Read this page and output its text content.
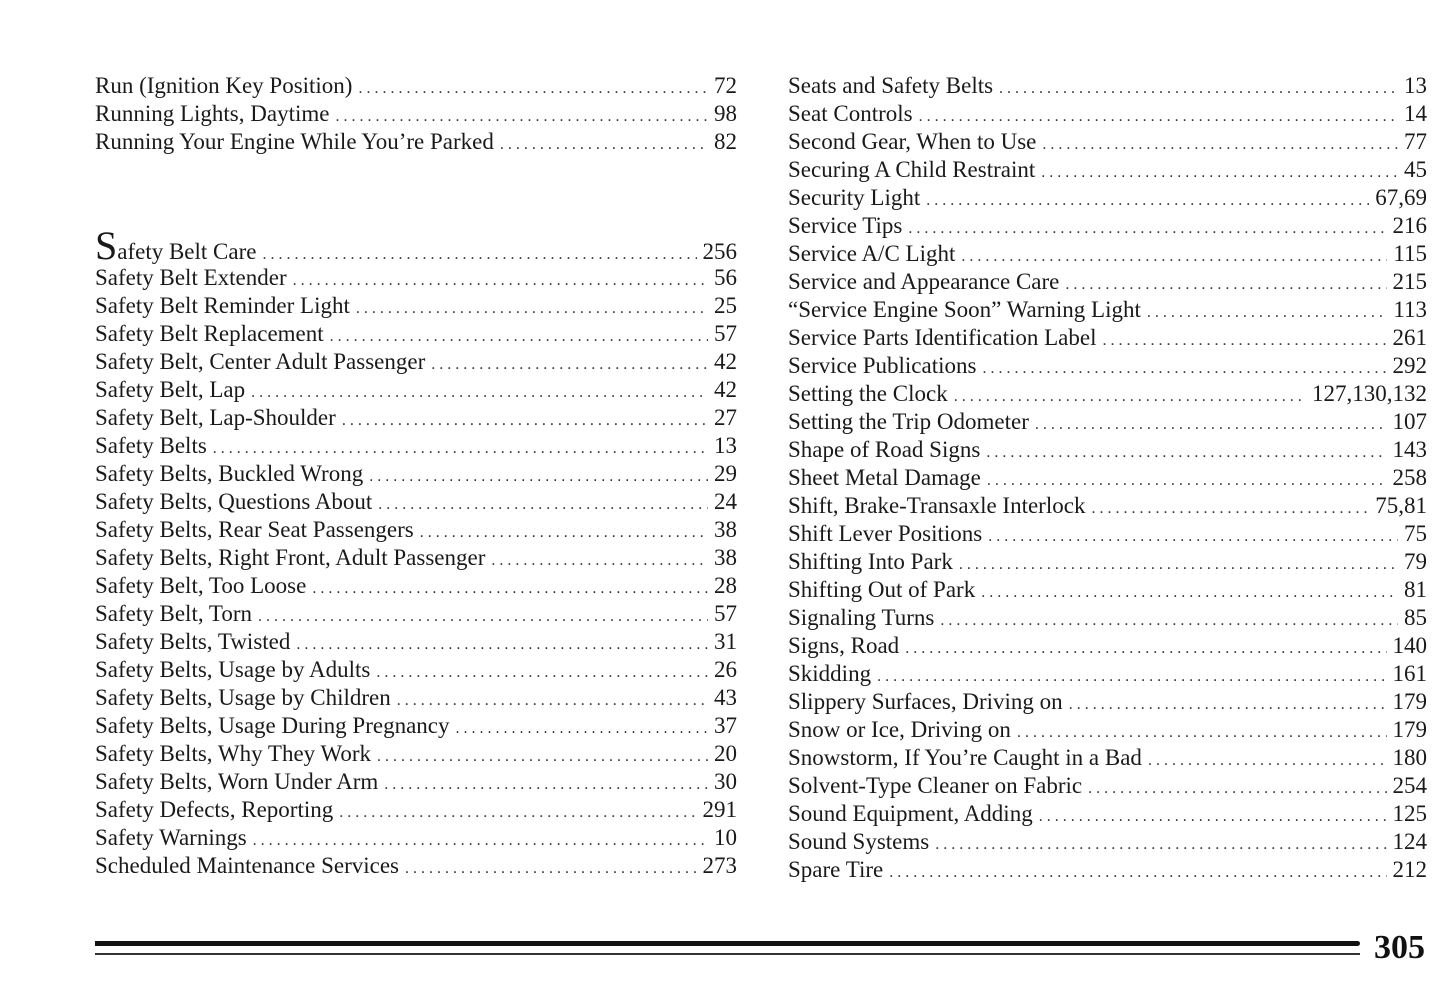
Run (Ignition Key Position) . . .	72
Running Lights, Daytime . . .	98
Running Your Engine While You’re Parked . . .	82
Safety Belt Care . . .	256
Safety Belt Extender . . .	56
Safety Belt Reminder Light . . .	25
Safety Belt Replacement . . .	57
Safety Belt, Center Adult Passenger . . .	42
Safety Belt, Lap . . .	42
Safety Belt, Lap-Shoulder . . .	27
Safety Belts . . .	13
Safety Belts, Buckled Wrong . . .	29
Safety Belts, Questions About . . .	24
Safety Belts, Rear Seat Passengers . . .	38
Safety Belts, Right Front, Adult Passenger . . .	38
Safety Belt, Too Loose . . .	28
Safety Belt, Torn . . .	57
Safety Belts, Twisted . . .	31
Safety Belts, Usage by Adults . . .	26
Safety Belts, Usage by Children . . .	43
Safety Belts, Usage During Pregnancy . . .	37
Safety Belts, Why They Work . . .	20
Safety Belts, Worn Under Arm . . .	30
Safety Defects, Reporting . . .	291
Safety Warnings . . .	10
Scheduled Maintenance Services . . .	273
Seats and Safety Belts . . .	13
Seat Controls . . .	14
Second Gear, When to Use . . .	77
Securing A Child Restraint . . .	45
Security Light . . .	67,69
Service Tips . . .	216
Service A/C Light . . .	115
Service and Appearance Care . . .	215
“Service Engine Soon” Warning Light . . .	113
Service Parts Identification Label . . .	261
Service Publications . . .	292
Setting the Clock . . .	127,130,132
Setting the Trip Odometer . . .	107
Shape of Road Signs . . .	143
Sheet Metal Damage . . .	258
Shift, Brake-Transaxle Interlock . . .	75,81
Shift Lever Positions . . .	75
Shifting Into Park . . .	79
Shifting Out of Park . . .	81
Signaling Turns . . .	85
Signs, Road . . .	140
Skidding . . .	161
Slippery Surfaces, Driving on . . .	179
Snow or Ice, Driving on . . .	179
Snowstorm, If You’re Caught in a Bad . . .	180
Solvent-Type Cleaner on Fabric . . .	254
Sound Equipment, Adding . . .	125
Sound Systems . . .	124
Spare Tire . . .	212
305
